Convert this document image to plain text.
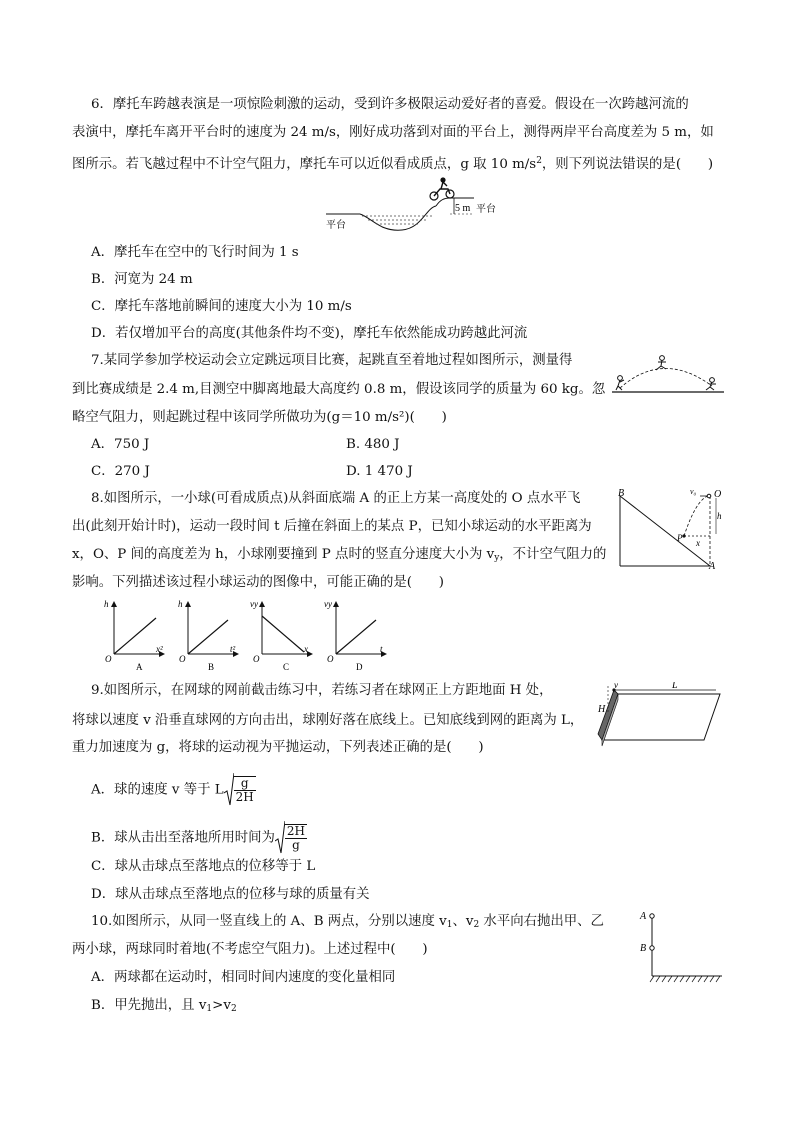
6．摩托车跨越表演是一项惊险刺激的运动，受到许多极限运动爱好者的喜爱。假设在一次跨越河流的
表演中，摩托车离开平台时的速度为 24 m/s，刚好成功落到对面的平台上，测得两岸平台高度差为 5 m，如
图所示。若飞越过程中不计空气阻力，摩托车可以近似看成质点，g 取 10 $m/s^2$，则下列说法错误的是(　　)
5 m 平台
平台
A．摩托车在空中的飞行时间为 1 s
B．河宽为 24 m
C．摩托车落地前瞬间的速度大小为 10 m/s
D．若仅增加平台的高度(其他条件均不变)，摩托车依然能成功跨越此河流
7.某同学参加学校运动会立定跳远项目比赛，起跳直至着地过程如图所示，测量得
到比赛成绩是 2.4 m,目测空中脚离地最大高度约 0.8 m，假设该同学的质量为 60 kg。忽
略空气阻力，则起跳过程中该同学所做功为(g＝10 m/s²)(　　)
A．750 J	B. 480 J
C．270 J	D. 1 470 J
8.如图所示，一小球(可看成质点)从斜面底端 A 的正上方某一高度处的 O 点水平飞
出(此刻开始计时)，运动一段时间 t 后撞在斜面上的某点 P，已知小球运动的水平距离为
x，O、P 间的高度差为 h，小球刚要撞到 P 点时的竖直分速度大小为 $v_y$，不计空气阻力的
影响。下列描述该过程小球运动的图像中，可能正确的是(　　)
B	O
v₀
h
P x
A
h
x²
O
A
h
t²
O
B
vy
x
O
C
vy
t
O
D
9.如图所示，在网球的网前截击练习中，若练习者在球网正上方距地面 H 处，
将球以速度 v 沿垂直球网的方向击出，球刚好落在底线上。已知底线到网的距离为 L，
重力加速度为 g，将球的运动视为平抛运动，下列表述正确的是(　　)
v	L
H
A．球的速度 v 等于 L $\frac{g}{2H}$
B．球从击出至落地所用时间为 $\frac{2H}{g}$
C．球从击球点至落地点的位移等于 L
D．球从击球点至落地点的位移与球的质量有关
10.如图所示，从同一竖直线上的 A、B 两点，分别以速度 $v_1$、$v_2$ 水平向右抛出甲、乙
两小球，两球同时着地(不考虑空气阻力)。上述过程中(　　)
A．两球都在运动时，相同时间内速度的变化量相同
B．甲先抛出，且 $v_1>v_2$
A
B
